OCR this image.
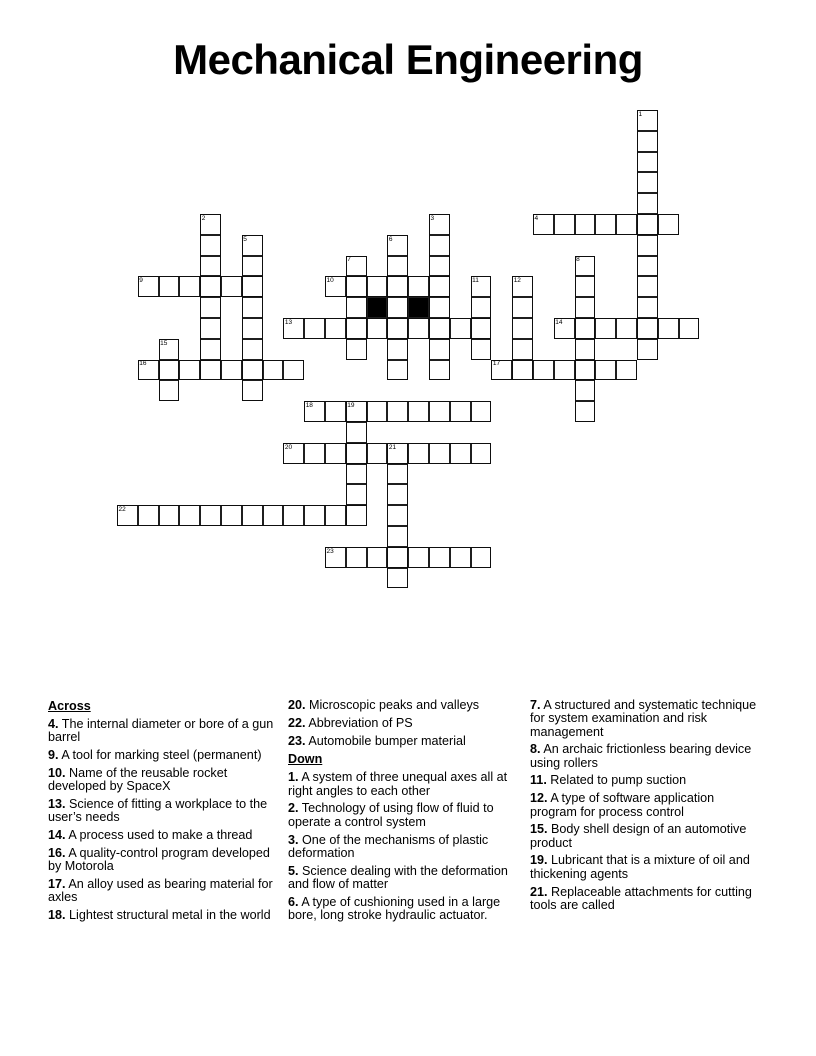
Mechanical Engineering
4
9	10
13	14
16	17
18
20
22
23
1
2	3
5	6
7	8
11	12
15
19
21
Across

4. The internal diameter or bore of a gun barrel

9. A tool for marking steel (permanent)

10. Name of the reusable rocket developed by SpaceX

13. Science of fitting a workplace to the user’s needs

14. A process used to make a thread

16. A quality-control program developed by Motorola

17. An alloy used as bearing material for axles

18. Lightest structural metal in the world

20. Microscopic peaks and valleys

22. Abbreviation of PS

23. Automobile bumper material

Down

1. A system of three unequal axes all at right angles to each other

2. Technology of using flow of fluid to operate a control system

3. One of the mechanisms of plastic deformation

5. Science dealing with the deformation and flow of matter

6. A type of cushioning used in a large bore, long stroke hydraulic actuator.

7. A structured and systematic technique for system examination and risk management

8. An archaic frictionless bearing device using rollers

11. Related to pump suction

12. A type of software application program for process control

15. Body shell design of an automotive product

19. Lubricant that is a mixture of oil and thickening agents

21. Replaceable attachments for cutting tools are called
